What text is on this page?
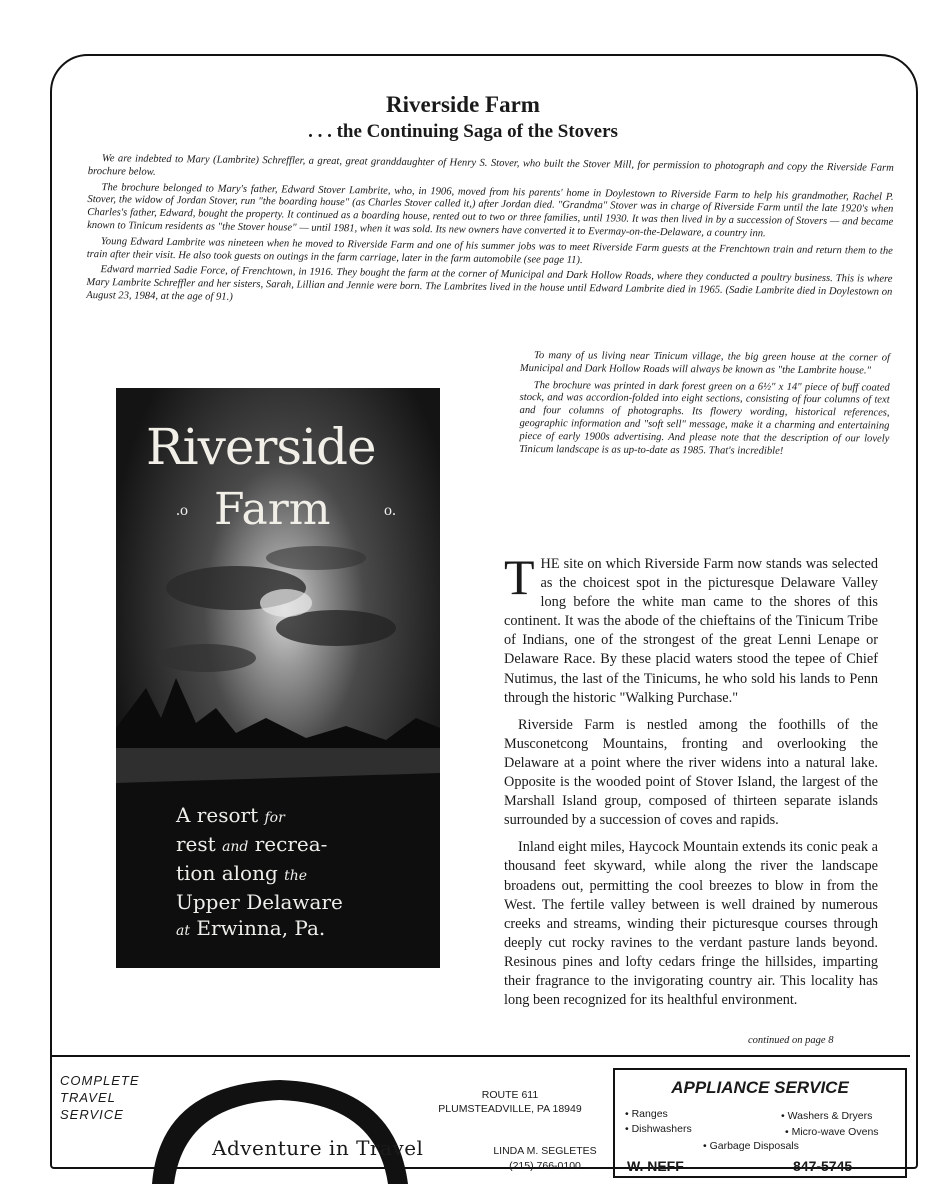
Riverside Farm
. . . the Continuing Saga of the Stovers

We are indebted to Mary (Lambrite) Schreffler, a great, great granddaughter of Henry S. Stover, who built the Stover Mill, for permission to photograph and copy the Riverside Farm brochure below.

The brochure belonged to Mary's father, Edward Stover Lambrite, who, in 1906, moved from his parents' home in Doylestown to Riverside Farm to help his grandmother, Rachel P. Stover, the widow of Jordan Stover, run "the boarding house" (as Charles Stover called it,) after Jordan died. "Grandma" Stover was in charge of Riverside Farm until the late 1920's when Charles's father, Edward, bought the property. It continued as a boarding house, rented out to two or three families, until 1930. It was then lived in by a succession of Stovers — and became known to Tinicum residents as "the Stover house" — until 1981, when it was sold. Its new owners have converted it to Evermay-on-the-Delaware, a country inn.

Young Edward Lambrite was nineteen when he moved to Riverside Farm and one of his summer jobs was to meet Riverside Farm guests at the Frenchtown train and return them to the train after their visit. He also took guests on outings in the farm carriage, later in the farm automobile (see page 11).

Edward married Sadie Force, of Frenchtown, in 1916. They bought the farm at the corner of Municipal and Dark Hollow Roads, where they conducted a poultry business. This is where Mary Lambrite Schreffler and her sisters, Sarah, Lillian and Jennie were born. The Lambrites lived in the house until Edward Lambrite died in 1965. (Sadie Lambrite died in Doylestown on August 23, 1984, at the age of 91.)

To many of us living near Tinicum village, the big green house at the corner of Municipal and Dark Hollow Roads will always be known as "the Lambrite house."

The brochure was printed in dark forest green on a 6½" x 14" piece of buff coated stock, and was accordion-folded into eight sections, consisting of four columns of text and four columns of photographs. Its flowery wording, historical references, geographic information and "soft sell" message, make it a charming and entertaining piece of early 1900s advertising. And please note that the description of our lovely Tinicum landscape is as up-to-date as 1985. That's incredible!

Riverside
.o Farm	o.
A resort for
rest and recrea-
tion along the
Upper Delaware
at Erwinna, Pa.

THE site on which Riverside Farm now stands was selected as the choicest spot in the picturesque Delaware Valley long before the white man came to the shores of this continent. It was the abode of the chieftains of the Tinicum Tribe of Indians, one of the strongest of the great Lenni Lenape or Delaware Race. By these placid waters stood the tepee of Chief Nutimus, the last of the Tinicums, he who sold his lands to Penn through the historic "Walking Purchase."

Riverside Farm is nestled among the foothills of the Musconetcong Mountains, fronting and overlooking the Delaware at a point where the river widens into a natural lake. Opposite is the wooded point of Stover Island, the largest of the Marshall Island group, composed of thirteen separate islands surrounded by a succession of coves and rapids.

Inland eight miles, Haycock Mountain extends its conic peak a thousand feet skyward, while along the river the landscape broadens out, permitting the cool breezes to blow in from the West. The fertile valley between is well drained by numerous creeks and streams, winding their picturesque courses through deeply cut rocky ravines to the verdant pasture lands beyond. Resinous pines and lofty cedars fringe the hillsides, imparting their fragrance to the invigorating country air. This locality has long been recognized for its healthful environment.

continued on page 8
COMPLETE
TRAVEL
SERVICE
Adventure in Travel
ROUTE 611
PLUMSTEADVILLE, PA 18949
LINDA M. SEGLETES
(215) 766-0100
APPLIANCE SERVICE
• Ranges	• Washers & Dryers
• Dishwashers	• Micro-wave Ovens
• Garbage Disposals
W. NEFF	847-5745
